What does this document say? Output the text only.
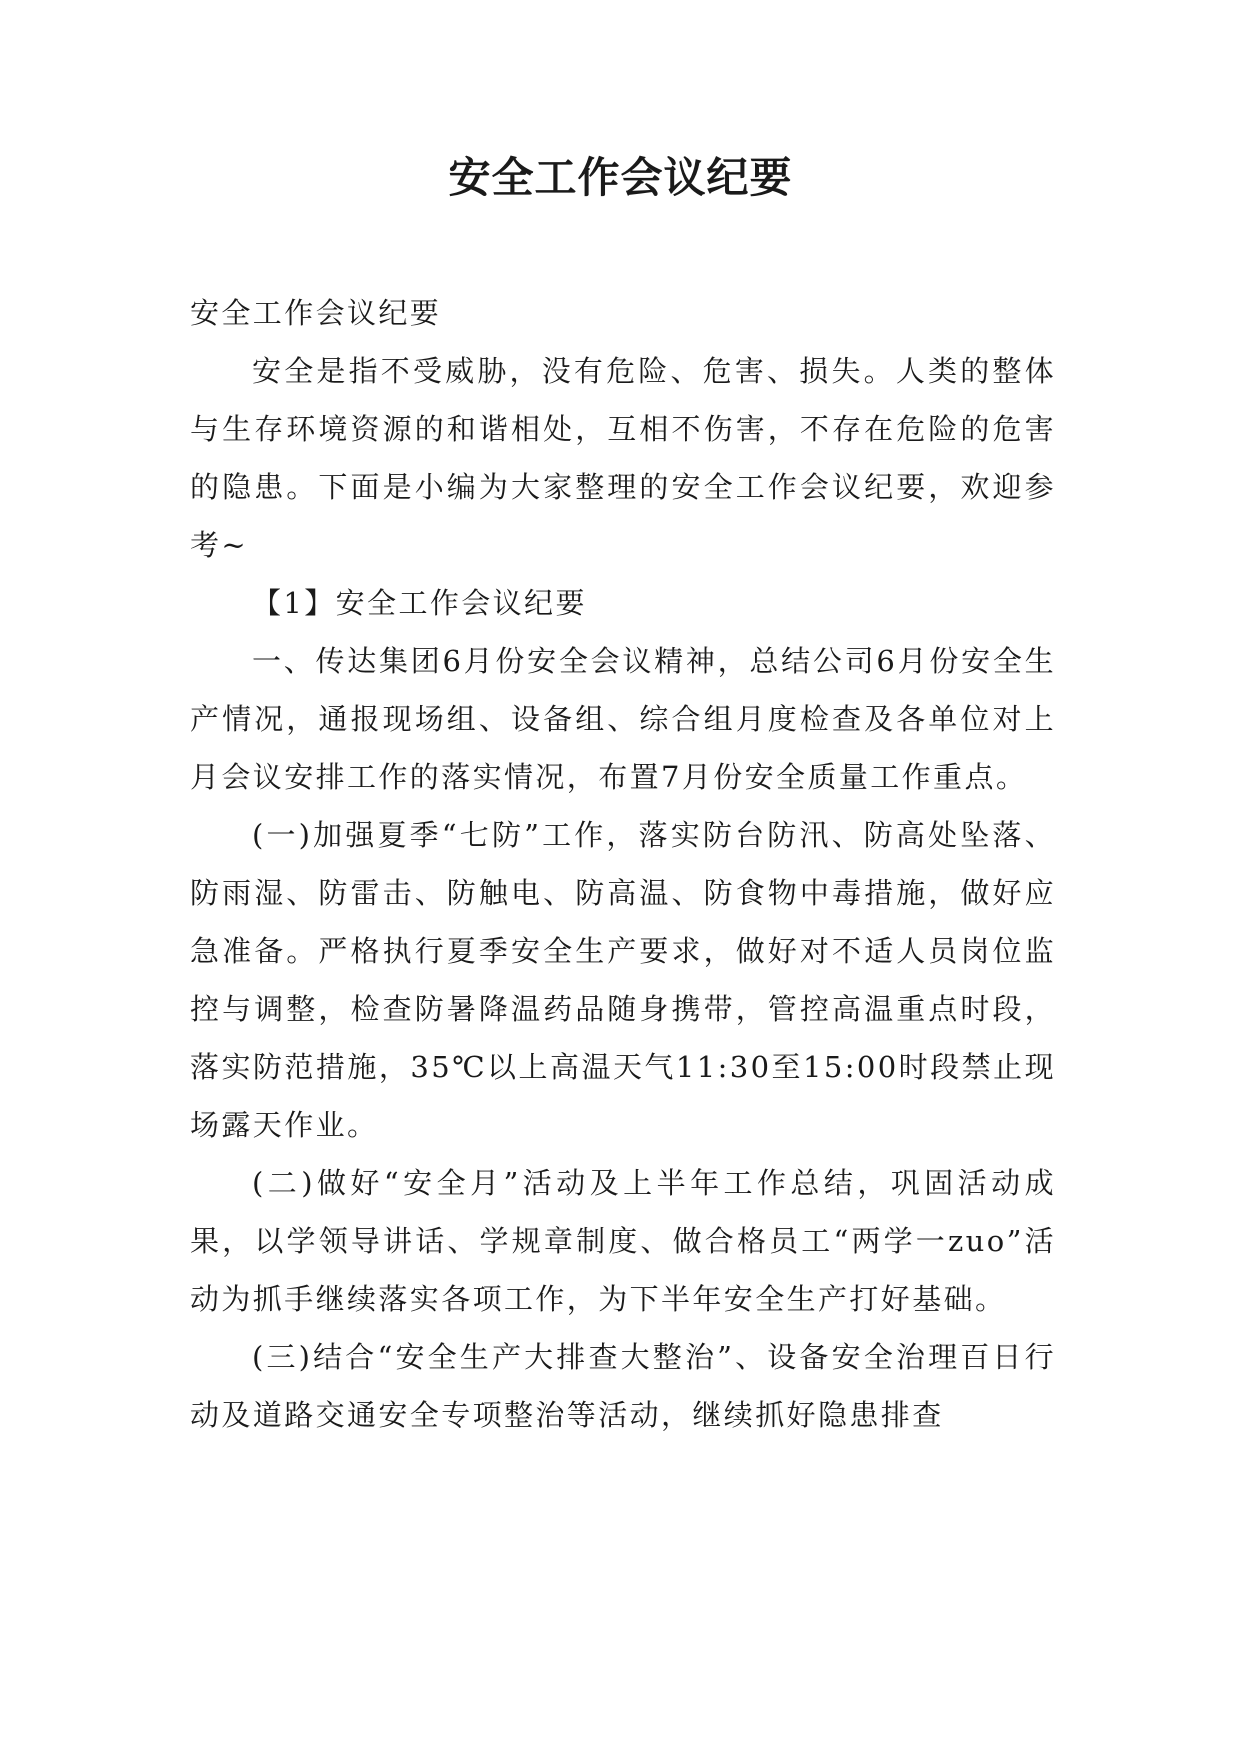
安全工作会议纪要

安全工作会议纪要

安全是指不受威胁，没有危险、危害、损失。人类的整体与生存环境资源的和谐相处，互相不伤害，不存在危险的危害的隐患。下面是小编为大家整理的安全工作会议纪要，欢迎参考~

【1】安全工作会议纪要

一、传达集团6月份安全会议精神，总结公司6月份安全生产情况，通报现场组、设备组、综合组月度检查及各单位对上月会议安排工作的落实情况，布置7月份安全质量工作重点。

(一)加强夏季“七防”工作，落实防台防汛、防高处坠落、防雨湿、防雷击、防触电、防高温、防食物中毒措施，做好应急准备。严格执行夏季安全生产要求，做好对不适人员岗位监控与调整，检查防暑降温药品随身携带，管控高温重点时段，落实防范措施，35℃以上高温天气11:30至15:00时段禁止现场露天作业。

(二)做好“安全月”活动及上半年工作总结，巩固活动成果，以学领导讲话、学规章制度、做合格员工“两学一zuo”活动为抓手继续落实各项工作，为下半年安全生产打好基础。

(三)结合“安全生产大排查大整治”、设备安全治理百日行动及道路交通安全专项整治等活动，继续抓好隐患排查
